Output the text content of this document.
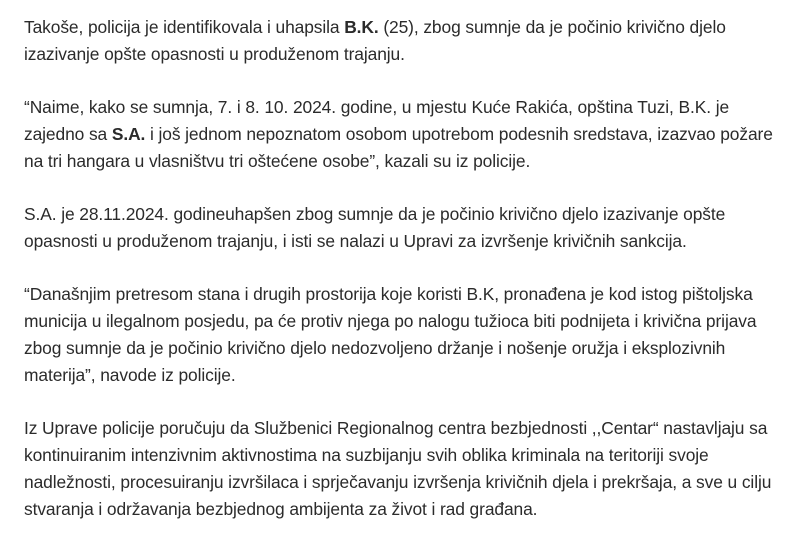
Takoše, policija je identifikovala i uhapsila B.K. (25), zbog sumnje da je počinio krivično djelo izazivanje opšte opasnosti u produženom trajanju.

“Naime, kako se sumnja, 7. i 8. 10. 2024. godine, u mjestu Kuće Rakića, opština Tuzi, B.K. je zajedno sa S.A. i još jednom nepoznatom osobom upotrebom podesnih sredstava, izazvao požare na tri hangara u vlasništvu tri oštećene osobe”, kazali su iz policije.

S.A. je 28.11.2024. godineuhapšen zbog sumnje da je počinio krivično djelo izazivanje opšte opasnosti u produženom trajanju, i isti se nalazi u Upravi za izvršenje krivičnih sankcija.

“Današnjim pretresom stana i drugih prostorija koje koristi B.K, pronađena je kod istog pištoljska municija u ilegalnom posjedu, pa će protiv njega po nalogu tužioca biti podnijeta i krivična prijava zbog sumnje da je počinio krivično djelo nedozvoljeno držanje i nošenje oružja i eksplozivnih materija”, navode iz policije.

Iz Uprave policije poručuju da Službenici Regionalnog centra bezbjednosti ,,Centar“ nastavljaju sa kontinuiranim intenzivnim aktivnostima na suzbijanju svih oblika kriminala na teritoriji svoje nadležnosti, procesuiranju izvršilaca i sprječavanju izvršenja krivičnih djela i prekršaja, a sve u cilju stvaranja i održavanja bezbjednog ambijenta za život i rad građana.
